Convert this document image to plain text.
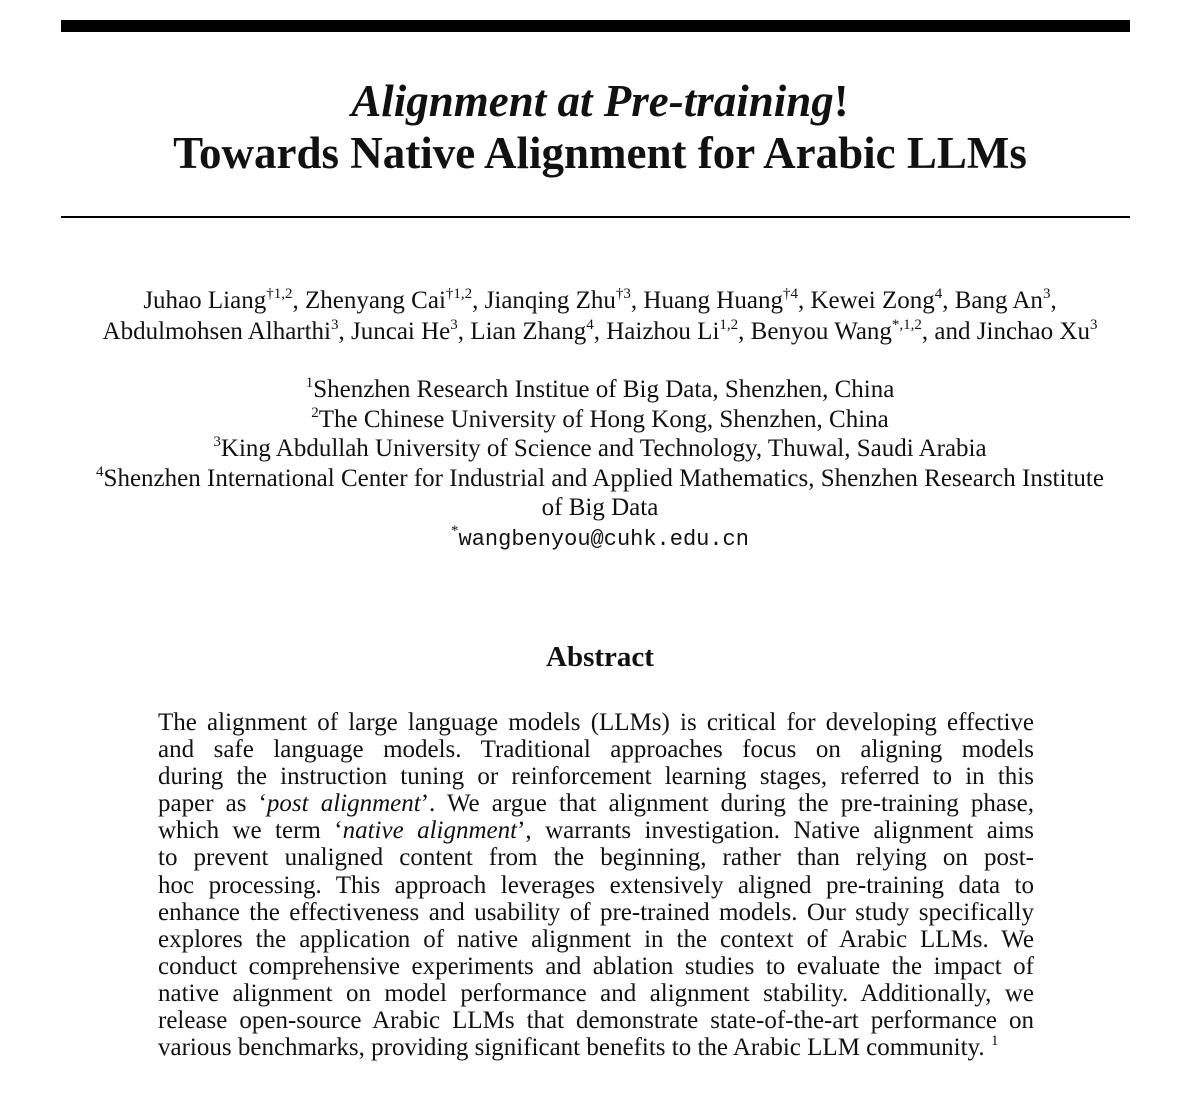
Alignment at Pre-training!
Towards Native Alignment for Arabic LLMs
Juhao Liang$^{\dagger 1,2}$, Zhenyang Cai$^{\dagger 1,2}$, Jianqing Zhu$^{\dagger 3}$, Huang Huang$^{\dagger 4}$, Kewei Zong$^4$, Bang An$^3$,
Abdulmohsen Alharthi$^3$, Juncai He$^3$, Lian Zhang$^4$, Haizhou Li$^{1,2}$, Benyou Wang$^{*,1,2}$, and Jinchao Xu$^3$
$^1$Shenzhen Research Institue of Big Data, Shenzhen, China
$^2$The Chinese University of Hong Kong, Shenzhen, China
$^3$King Abdullah University of Science and Technology, Thuwal, Saudi Arabia
$^4$Shenzhen International Center for Industrial and Applied Mathematics, Shenzhen Research Institute
of Big Data
*wangbenyou@cuhk.edu.cn
Abstract
The alignment of large language models (LLMs) is critical for developing effective
and safe language models. Traditional approaches focus on aligning models
during the instruction tuning or reinforcement learning stages, referred to in this
paper as ‘post alignment’. We argue that alignment during the pre-training phase,
which we term ‘native alignment’, warrants investigation. Native alignment aims
to prevent unaligned content from the beginning, rather than relying on post-
hoc processing. This approach leverages extensively aligned pre-training data to
enhance the effectiveness and usability of pre-trained models. Our study specifically
explores the application of native alignment in the context of Arabic LLMs. We
conduct comprehensive experiments and ablation studies to evaluate the impact of
native alignment on model performance and alignment stability. Additionally, we
release open-source Arabic LLMs that demonstrate state-of-the-art performance on
various benchmarks, providing significant benefits to the Arabic LLM community. $^1$
